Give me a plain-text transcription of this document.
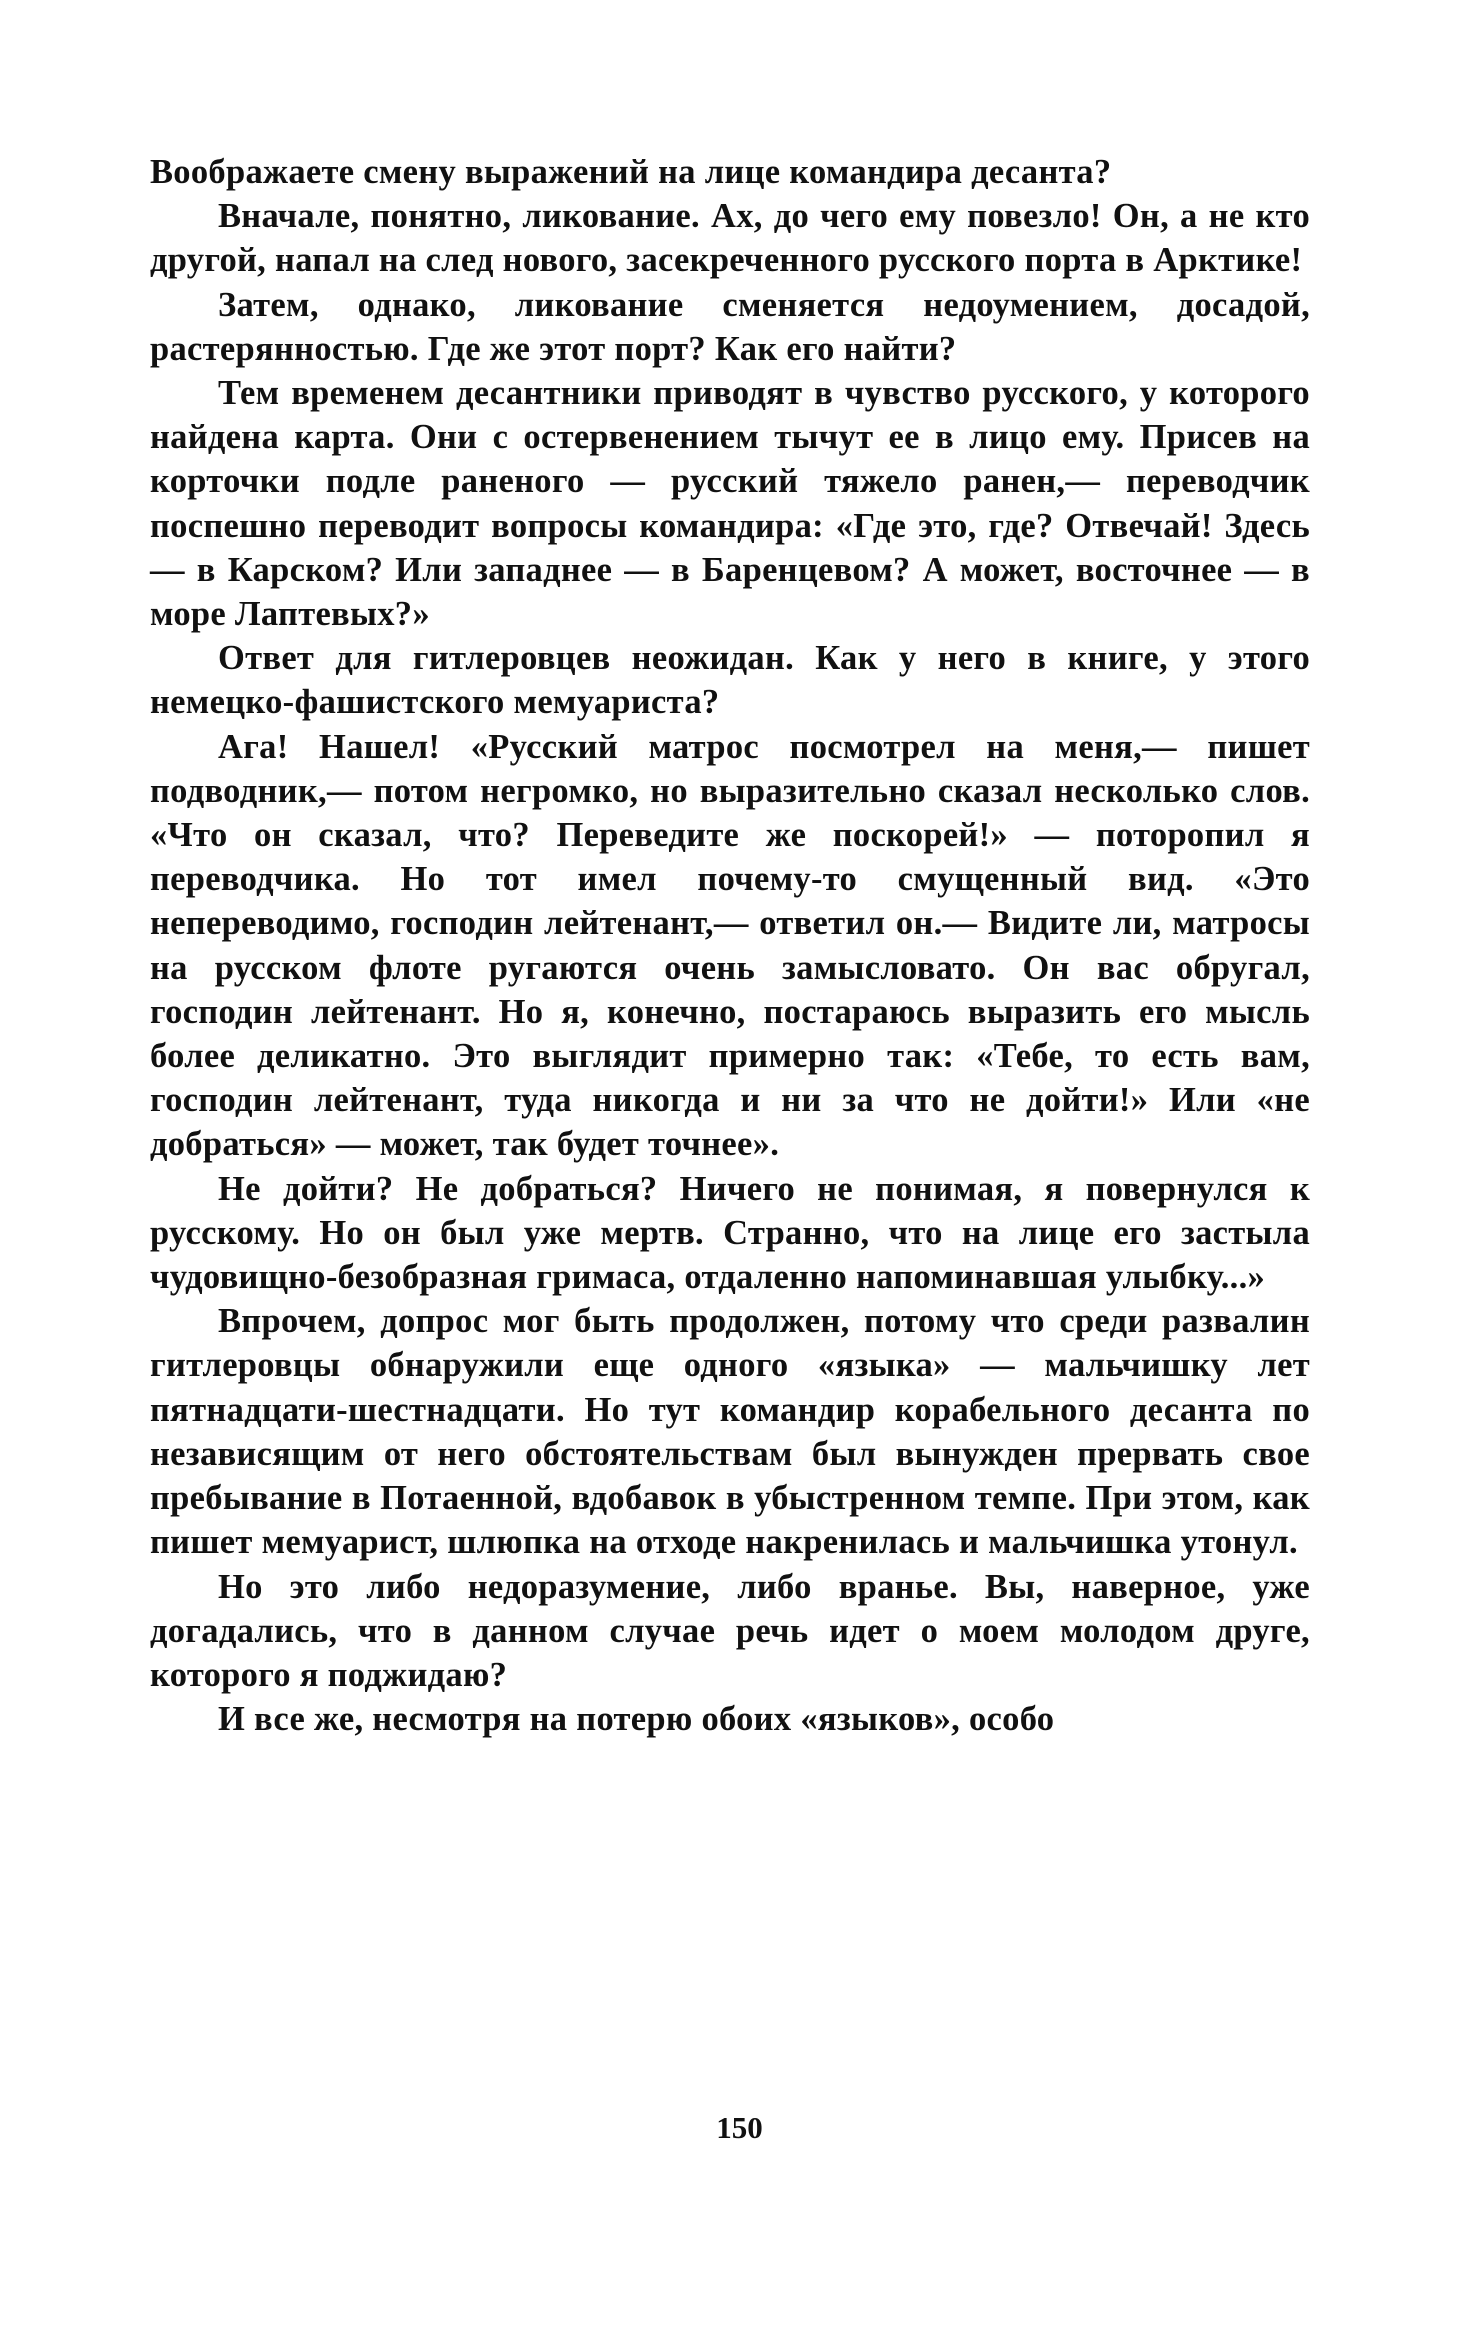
Воображаете смену выражений на лице командира десанта?

Вначале, понятно, ликование. Ах, до чего ему повезло! Он, а не кто другой, напал на след нового, засекреченного русского порта в Арктике!

Затем, однако, ликование сменяется недоумением, досадой, растерянностью. Где же этот порт? Как его найти?

Тем временем десантники приводят в чувство русского, у которого найдена карта. Они с остервенением тычут ее в лицо ему. Присев на корточки подле раненого — русский тяжело ранен,— переводчик поспешно переводит вопросы командира: «Где это, где? Отвечай! Здесь — в Карском? Или западнее — в Баренцевом? А может, восточнее — в море Лаптевых?»

Ответ для гитлеровцев неожидан. Как у него в книге, у этого немецко-фашистского мемуариста?

Ага! Нашел! «Русский матрос посмотрел на меня,— пишет подводник,— потом негромко, но выразительно сказал несколько слов. «Что он сказал, что? Переведите же поскорей!» — поторопил я переводчика. Но тот имел почему-то смущенный вид. «Это непереводимо, господин лейтенант,— ответил он.— Видите ли, матросы на русском флоте ругаются очень замысловато. Он вас обругал, господин лейтенант. Но я, конечно, постараюсь выразить его мысль более деликатно. Это выглядит примерно так: «Тебе, то есть вам, господин лейтенант, туда никогда и ни за что не дойти!» Или «не добраться» — может, так будет точнее».

Не дойти? Не добраться? Ничего не понимая, я повернулся к русскому. Но он был уже мертв. Странно, что на лице его застыла чудовищно-безобразная гримаса, отдаленно напоминавшая улыбку...»

Впрочем, допрос мог быть продолжен, потому что среди развалин гитлеровцы обнаружили еще одного «языка» — мальчишку лет пятнадцати-шестнадцати. Но тут командир корабельного десанта по независящим от него обстоятельствам был вынужден прервать свое пребывание в Потаенной, вдобавок в убыстренном темпе. При этом, как пишет мемуарист, шлюпка на отходе накренилась и мальчишка утонул.

Но это либо недоразумение, либо вранье. Вы, наверное, уже догадались, что в данном случае речь идет о моем молодом друге, которого я поджидаю?

И все же, несмотря на потерю обоих «языков», особо

150
